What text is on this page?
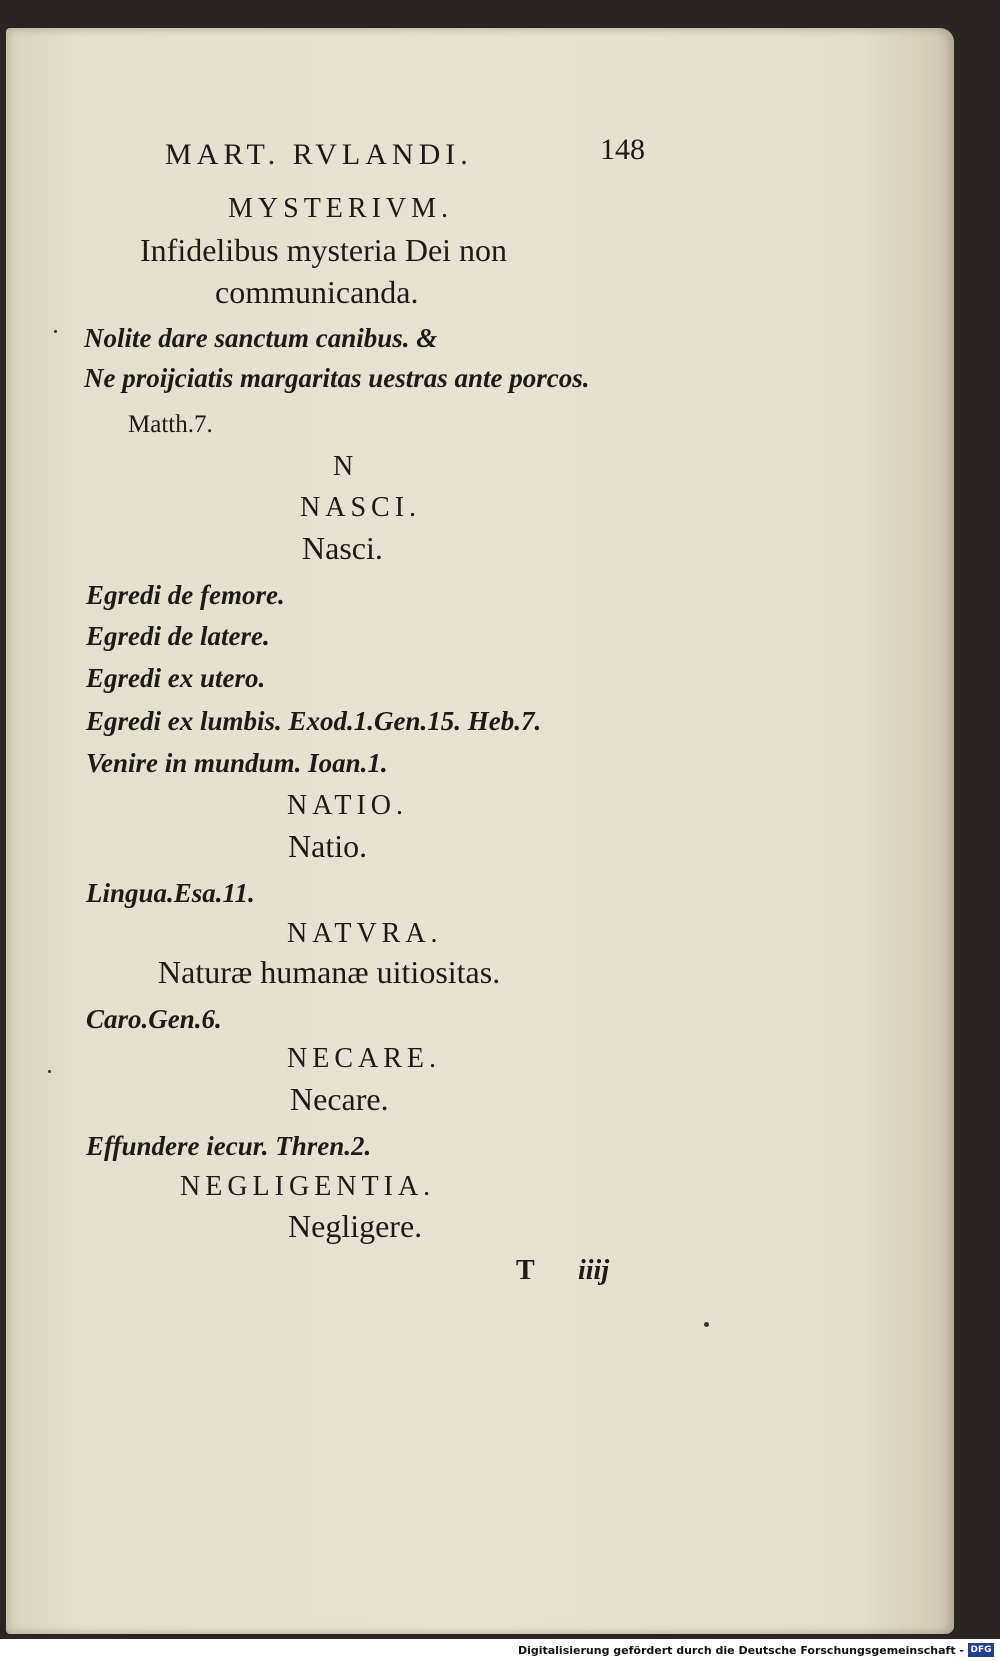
MART. RVLANDI.	148
MYSTERIVM.
Infidelibus mysteria Dei non
communicanda.
Nolite dare sanctum canibus. &
Ne proijciatis margaritas uestras ante porcos.
Matth.7.
N
NASCI.
Nasci.
Egredi de femore.
Egredi de latere.
Egredi ex utero.
Egredi ex lumbis. Exod.1.Gen.15. Heb.7.
Venire in mundum. Ioan.1.
NATIO.
Natio.
Lingua.Esa.11.
NATVRA.
Naturæ humanæ uitiositas.
Caro.Gen.6.
NECARE.
Necare.
Effundere iecur. Thren.2.
NEGLIGENTIA.
Negligere.
T iiij
Digitalisierung gefördert durch die Deutsche Forschungsgemeinschaft - DFG
